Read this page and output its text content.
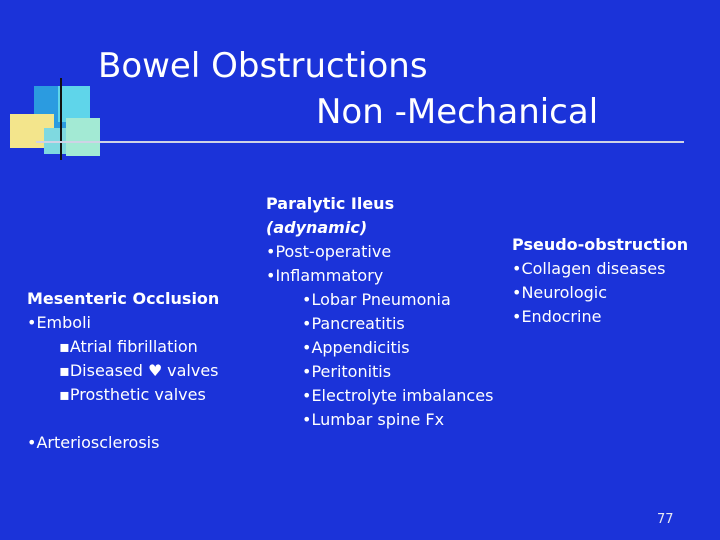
Bowel Obstructions
Non -Mechanical
Mesenteric Occlusion
•Emboli
▪Atrial fibrillation
▪Diseased ♥ valves
▪Prosthetic valves
•Arteriosclerosis
Paralytic Ileus
(adynamic)
•Post-operative
•Inflammatory
•Lobar Pneumonia
•Pancreatitis
•Appendicitis
•Peritonitis
•Electrolyte imbalances
•Lumbar spine Fx
Pseudo-obstruction
•Collagen diseases
•Neurologic
•Endocrine
77
